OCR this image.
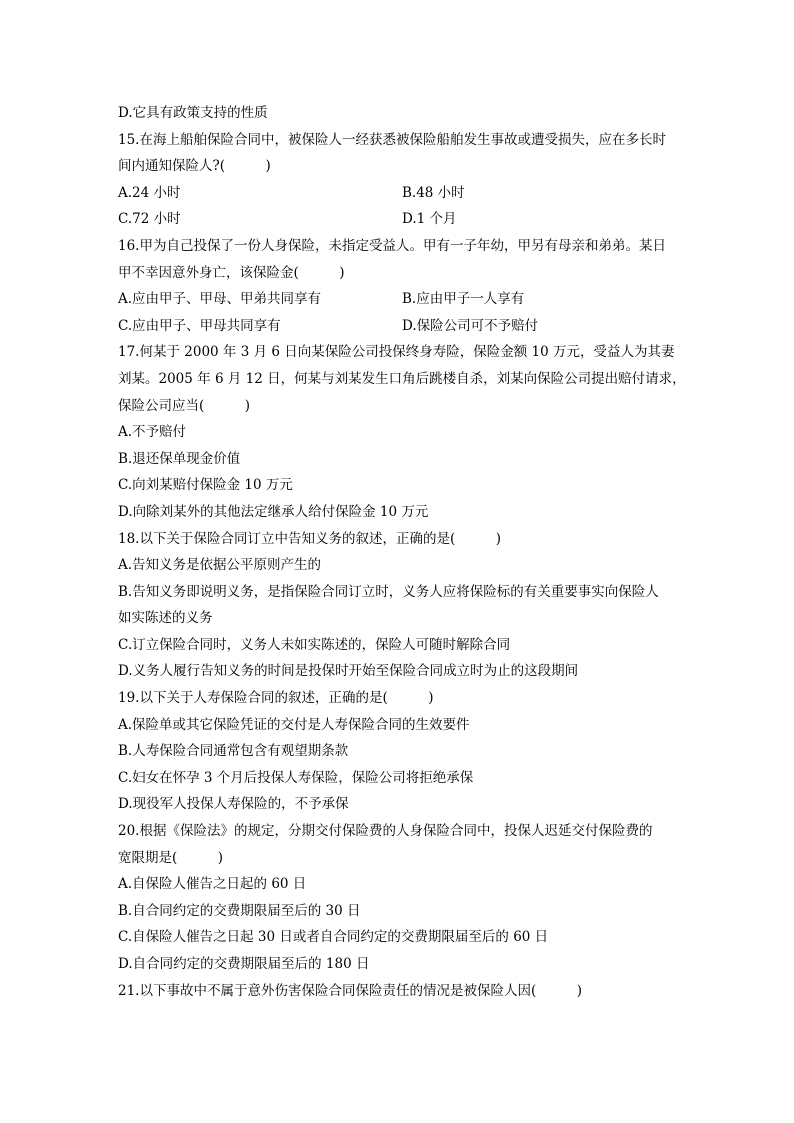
D.它具有政策支持的性质
15.在海上船舶保险合同中，被保险人一经获悉被保险船舶发生事故或遭受损失，应在多长时
间内通知保险人?(　　　)
A.24 小时	B.48 小时
C.72 小时	D.1 个月
16.甲为自己投保了一份人身保险，未指定受益人。甲有一子年幼，甲另有母亲和弟弟。某日
甲不幸因意外身亡，该保险金(　　　)
A.应由甲子、甲母、甲弟共同享有	B.应由甲子一人享有
C.应由甲子、甲母共同享有	D.保险公司可不予赔付
17.何某于 2000 年 3 月 6 日向某保险公司投保终身寿险，保险金额 10 万元，受益人为其妻
刘某。2005 年 6 月 12 日，何某与刘某发生口角后跳楼自杀，刘某向保险公司提出赔付请求，
保险公司应当(　　　)
A.不予赔付
B.退还保单现金价值
C.向刘某赔付保险金 10 万元
D.向除刘某外的其他法定继承人给付保险金 10 万元
18.以下关于保险合同订立中告知义务的叙述，正确的是(　　　)
A.告知义务是依据公平原则产生的
B.告知义务即说明义务，是指保险合同订立时，义务人应将保险标的有关重要事实向保险人
如实陈述的义务
C.订立保险合同时，义务人未如实陈述的，保险人可随时解除合同
D.义务人履行告知义务的时间是投保时开始至保险合同成立时为止的这段期间
19.以下关于人寿保险合同的叙述，正确的是(　　　)
A.保险单或其它保险凭证的交付是人寿保险合同的生效要件
B.人寿保险合同通常包含有观望期条款
C.妇女在怀孕 3 个月后投保人寿保险，保险公司将拒绝承保
D.现役军人投保人寿保险的，不予承保
20.根据《保险法》的规定，分期交付保险费的人身保险合同中，投保人迟延交付保险费的
宽限期是(　　　)
A.自保险人催告之日起的 60 日
B.自合同约定的交费期限届至后的 30 日
C.自保险人催告之日起 30 日或者自合同约定的交费期限届至后的 60 日
D.自合同约定的交费期限届至后的 180 日
21.以下事故中不属于意外伤害保险合同保险责任的情况是被保险人因(　　　)
